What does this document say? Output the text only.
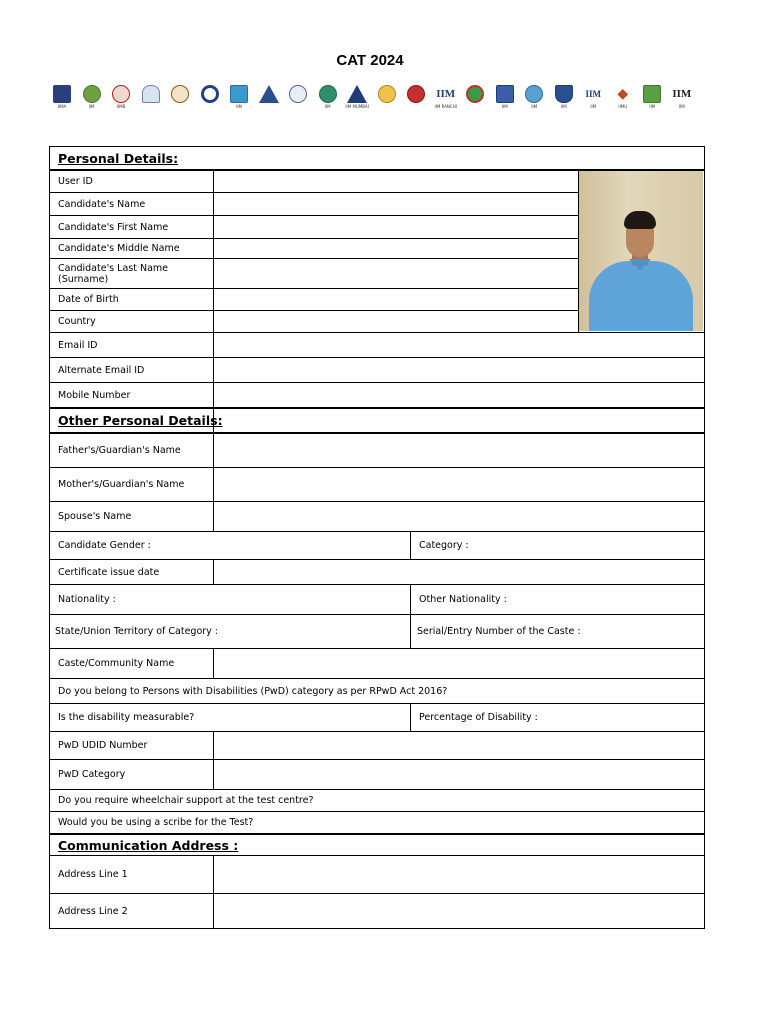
CAT 2024
IIMA	IIM	IIMB	IIM	IIM	IIM MUMBAI
IIM
IIM RANCHI	IIM	IIM	IIM
IIM
IIM
◆
IIMU	IIM
IIM
IIM
Personal Details:
User ID
Candidate's Name
Candidate's First Name
Candidate's Middle Name
Candidate's Last Name
(Surname)
Date of Birth
Country
Email ID
Alternate Email ID
Mobile Number
Other Personal Details:
Father's/Guardian's Name
Mother's/Guardian's Name
Spouse's Name
Candidate Gender :	Category :
Certificate issue date
Nationality :	Other Nationality :
State/Union Territory of Category :	Serial/Entry Number of the Caste :
Caste/Community Name
Do you belong to Persons with Disabilities (PwD) category as per RPwD Act 2016?
Is the disability measurable?	Percentage of Disability :
PwD UDID Number
PwD Category
Do you require wheelchair support at the test centre?
Would you be using a scribe for the Test?
Communication Address :
Address Line 1
Address Line 2
